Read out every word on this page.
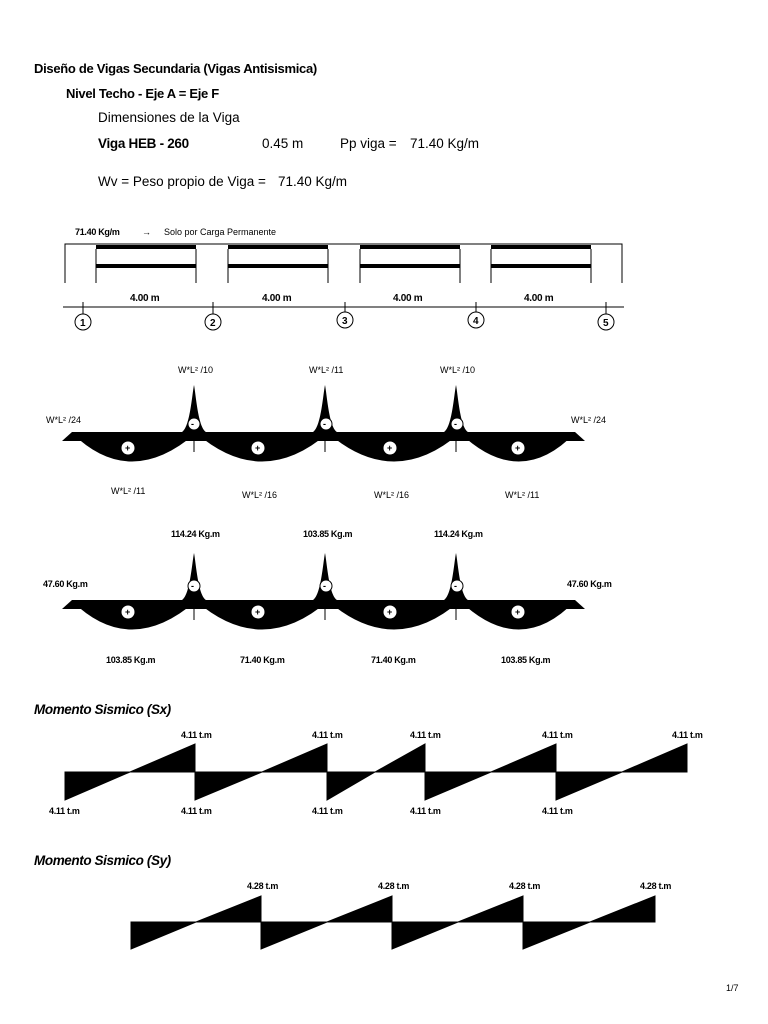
Diseño de Vigas Secundaria (Vigas Antisismica)
Nivel Techo - Eje A = Eje F
Dimensiones de la Viga
Viga HEB - 260	0.45 m	Pp viga = 71.40 Kg/m
Wv = Peso propio de Viga = 71.40 Kg/m
71.40 Kg/m → Solo por Carga Permanente
4.00 m	4.00 m	4.00 m	4.00 m
1	2	3	4	5
W*L² /10	W*L² /11	W*L² /10
W*L² /24	W*L² /24
-	-	-
+	+	+	+
W*L² /11	W*L² /16	W*L² /16	W*L² /11
114.24 Kg.m	103.85 Kg.m	114.24 Kg.m
47.60 Kg.m	47.60 Kg.m
-	-	-
+	+	+	+
103.85 Kg.m	71.40 Kg.m	71.40 Kg.m	103.85 Kg.m
Momento Sismico (Sx)
4.11 t.m	4.11 t.m	4.11 t.m	4.11 t.m	4.11 t.m
4.11 t.m	4.11 t.m	4.11 t.m	4.11 t.m	4.11 t.m
Momento Sismico (Sy)
4.28 t.m	4.28 t.m	4.28 t.m	4.28 t.m
1/7
